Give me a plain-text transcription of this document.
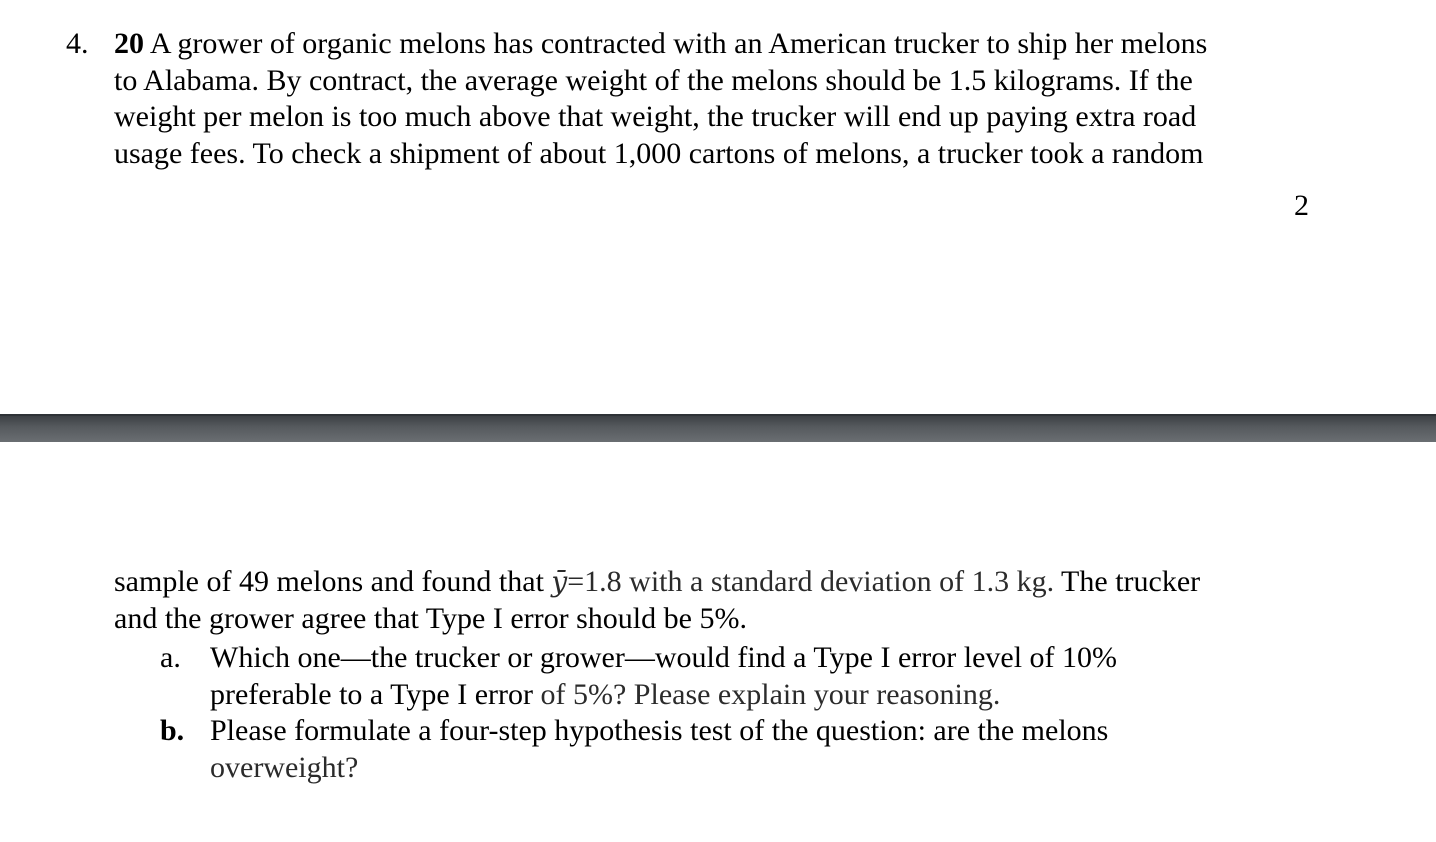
4. 20 A grower of organic melons has contracted with an American trucker to ship her melons
to Alabama. By contract, the average weight of the melons should be 1.5 kilograms. If the
weight per melon is too much above that weight, the trucker will end up paying extra road
usage fees. To check a shipment of about 1,000 cartons of melons, a trucker took a random
2
sample of 49 melons and found that ȳ=1.8 with a standard deviation of 1.3 kg. The trucker
and the grower agree that Type I error should be 5%.
a. Which one—the trucker or grower—would find a Type I error level of 10%
preferable to a Type I error of 5%? Please explain your reasoning.
b. Please formulate a four-step hypothesis test of the question: are the melons
overweight?
